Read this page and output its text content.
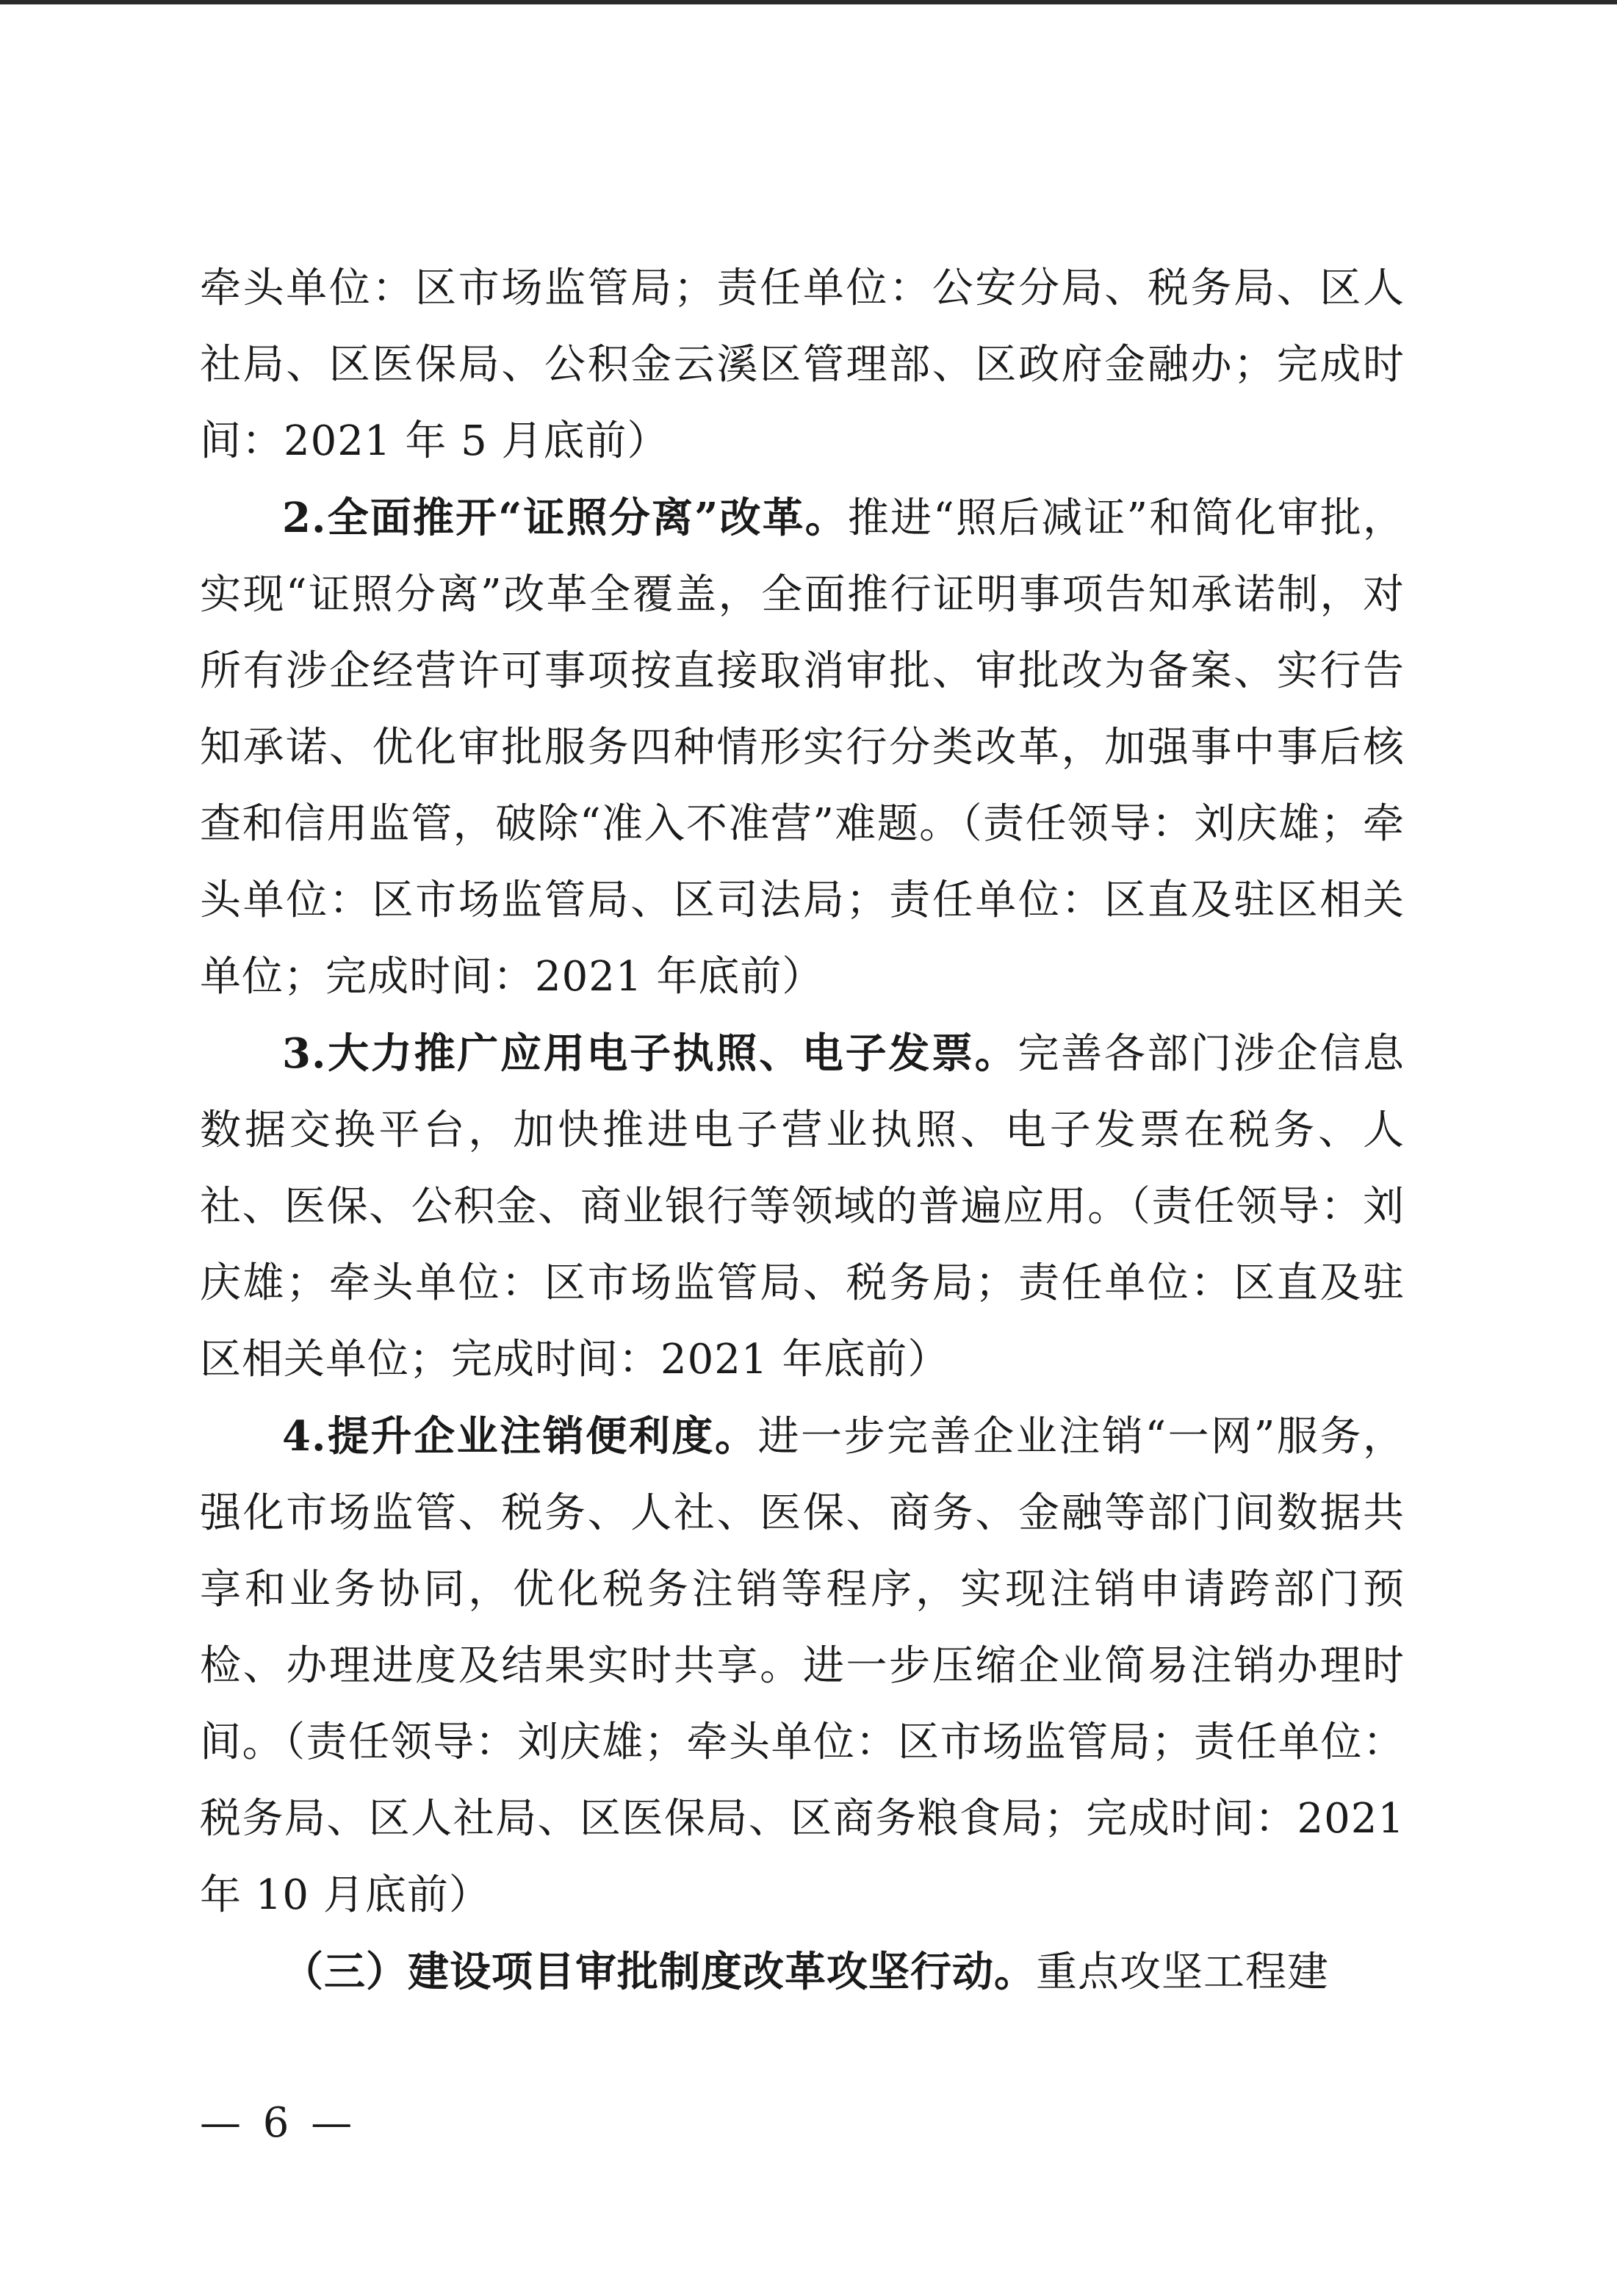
牵头单位：区市场监管局；责任单位：公安分局、税务局、区人社局、区医保局、公积金云溪区管理部、区政府金融办；完成时间：2021 年 5 月底前）

2.全面推开“证照分离”改革。推进“照后减证”和简化审批，实现“证照分离”改革全覆盖，全面推行证明事项告知承诺制，对所有涉企经营许可事项按直接取消审批、审批改为备案、实行告知承诺、优化审批服务四种情形实行分类改革，加强事中事后核查和信用监管，破除“准入不准营”难题。（责任领导：刘庆雄；牵头单位：区市场监管局、区司法局；责任单位：区直及驻区相关单位；完成时间：2021 年底前）

3.大力推广应用电子执照、电子发票。完善各部门涉企信息数据交换平台，加快推进电子营业执照、电子发票在税务、人社、医保、公积金、商业银行等领域的普遍应用。（责任领导：刘庆雄；牵头单位：区市场监管局、税务局；责任单位：区直及驻区相关单位；完成时间：2021 年底前）

4.提升企业注销便利度。进一步完善企业注销“一网”服务，强化市场监管、税务、人社、医保、商务、金融等部门间数据共享和业务协同，优化税务注销等程序，实现注销申请跨部门预检、办理进度及结果实时共享。进一步压缩企业简易注销办理时间。（责任领导：刘庆雄；牵头单位：区市场监管局；责任单位：税务局、区人社局、区医保局、区商务粮食局；完成时间：2021 年 10 月底前）

（三）建设项目审批制度改革攻坚行动。重点攻坚工程建

— 6 —
